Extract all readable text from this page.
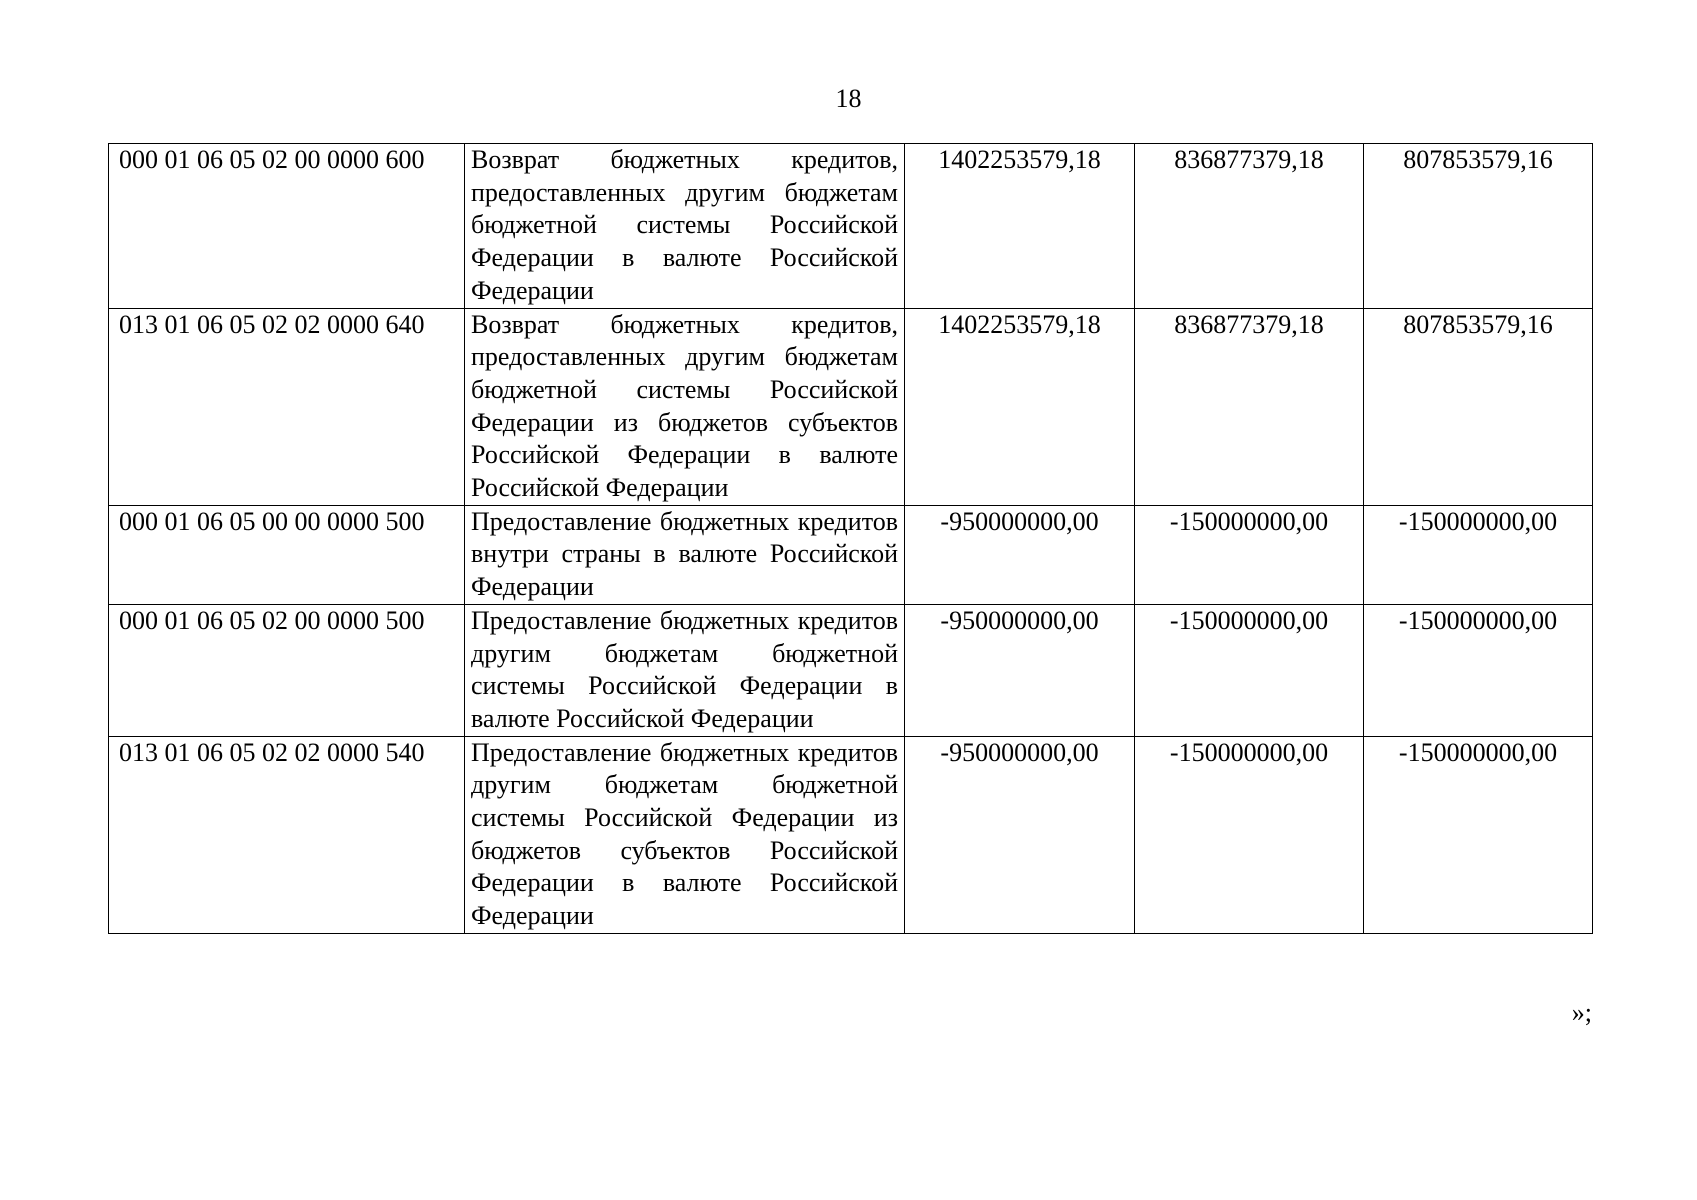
18
000 01 06 05 02 00 0000 600	Возврат бюджетных кредитов, предоставленных другим бюджетам бюджетной системы Российской Федерации в валюте Российской Федерации	1402253579,18	836877379,18	807853579,16
013 01 06 05 02 02 0000 640	Возврат бюджетных кредитов, предоставленных другим бюджетам бюджетной системы Российской Федерации из бюджетов субъектов Российской Федерации в валюте Российской Федерации	1402253579,18	836877379,18	807853579,16
000 01 06 05 00 00 0000 500	Предоставление бюджетных кредитов внутри страны в валюте Российской Федерации	-950000000,00	-150000000,00	-150000000,00
000 01 06 05 02 00 0000 500	Предоставление бюджетных кредитов другим бюджетам бюджетной системы Российской Федерации в валюте Российской Федерации	-950000000,00	-150000000,00	-150000000,00
013 01 06 05 02 02 0000 540	Предоставление бюджетных кредитов другим бюджетам бюджетной системы Российской Федерации из бюджетов субъектов Российской Федерации в валюте Российской Федерации	-950000000,00	-150000000,00	-150000000,00
»;
